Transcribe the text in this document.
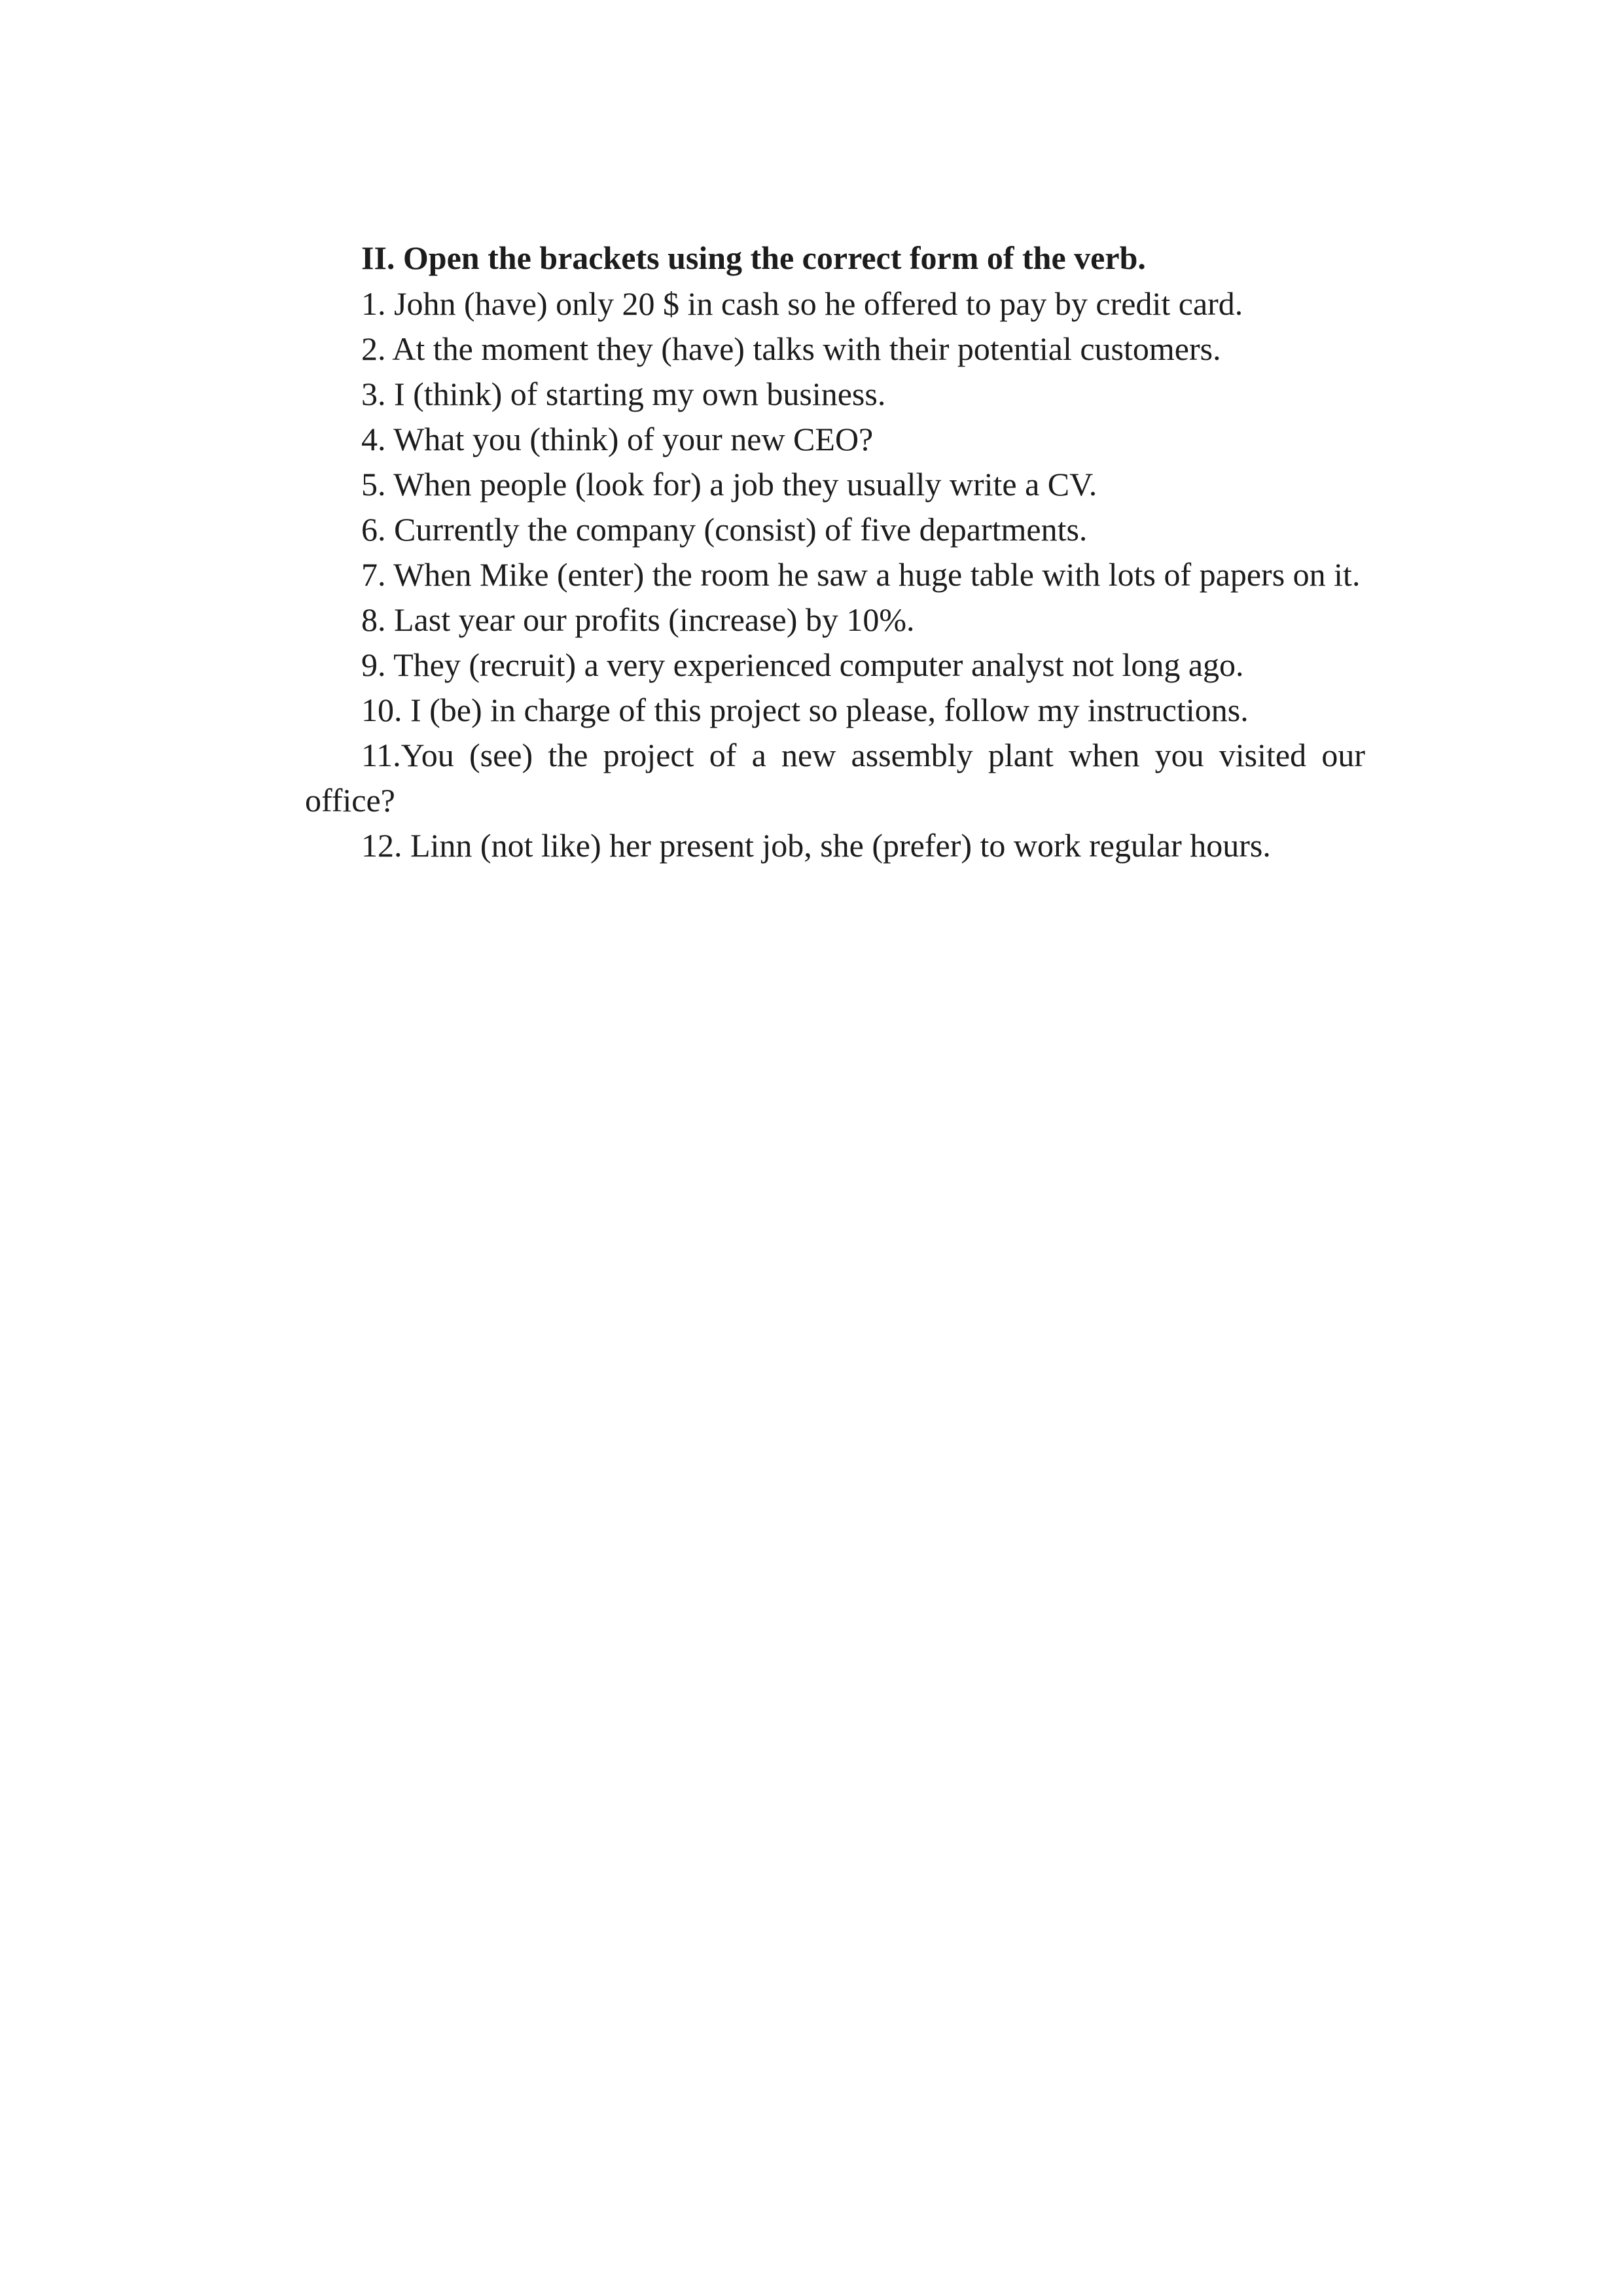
II. Open the brackets using the correct form of the verb.

1. John (have) only 20 $ in cash so he offered to pay by credit card.

2. At the moment they (have) talks with their potential customers.

3. I (think) of starting my own business.

4. What you (think) of your new CEO?

5. When people (look for) a job they usually write a CV.

6. Currently the company (consist) of five departments.

7. When Mike (enter) the room he saw a huge table with lots of papers on it.

8. Last year our profits (increase) by 10%.

9. They (recruit) a very experienced computer analyst not long ago.

10. I (be) in charge of this project so please, follow my instructions.

11.You (see) the project of a new assembly plant when you visited our office?

12. Linn (not like) her present job, she (prefer) to work regular hours.
